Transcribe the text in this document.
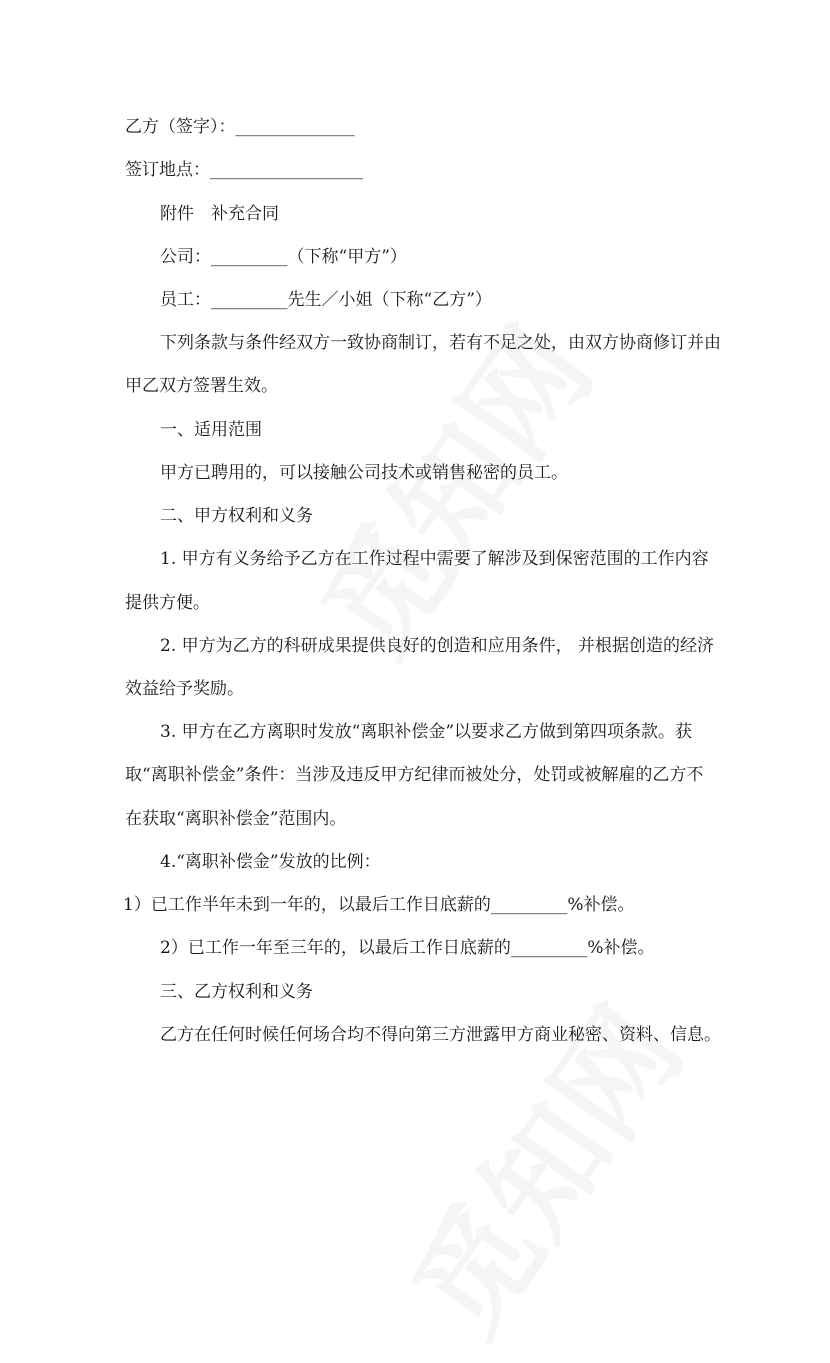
乙方（签字）：______________
签订地点：__________________
附件　补充合同
公司：_________（下称“甲方”）
员工：_________先生／小姐（下称“乙方”）
下列条款与条件经双方一致协商制订，若有不足之处，由双方协商修订并由
甲乙双方签署生效。
一、适用范围
甲方已聘用的，可以接触公司技术或销售秘密的员工。
二、甲方权利和义务
1. 甲方有义务给予乙方在工作过程中需要了解涉及到保密范围的工作内容
提供方便。
2. 甲方为乙方的科研成果提供良好的创造和应用条件， 并根据创造的经济
效益给予奖励。
3. 甲方在乙方离职时发放“离职补偿金”以要求乙方做到第四项条款。获
取“离职补偿金”条件：当涉及违反甲方纪律而被处分，处罚或被解雇的乙方不
在获取“离职补偿金”范围内。
4.“离职补偿金”发放的比例：
1）已工作半年未到一年的，以最后工作日底薪的_________%补偿。
2）已工作一年至三年的，以最后工作日底薪的_________%补偿。
三、乙方权利和义务
乙方在任何时候任何场合均不得向第三方泄露甲方商业秘密、资料、信息。
